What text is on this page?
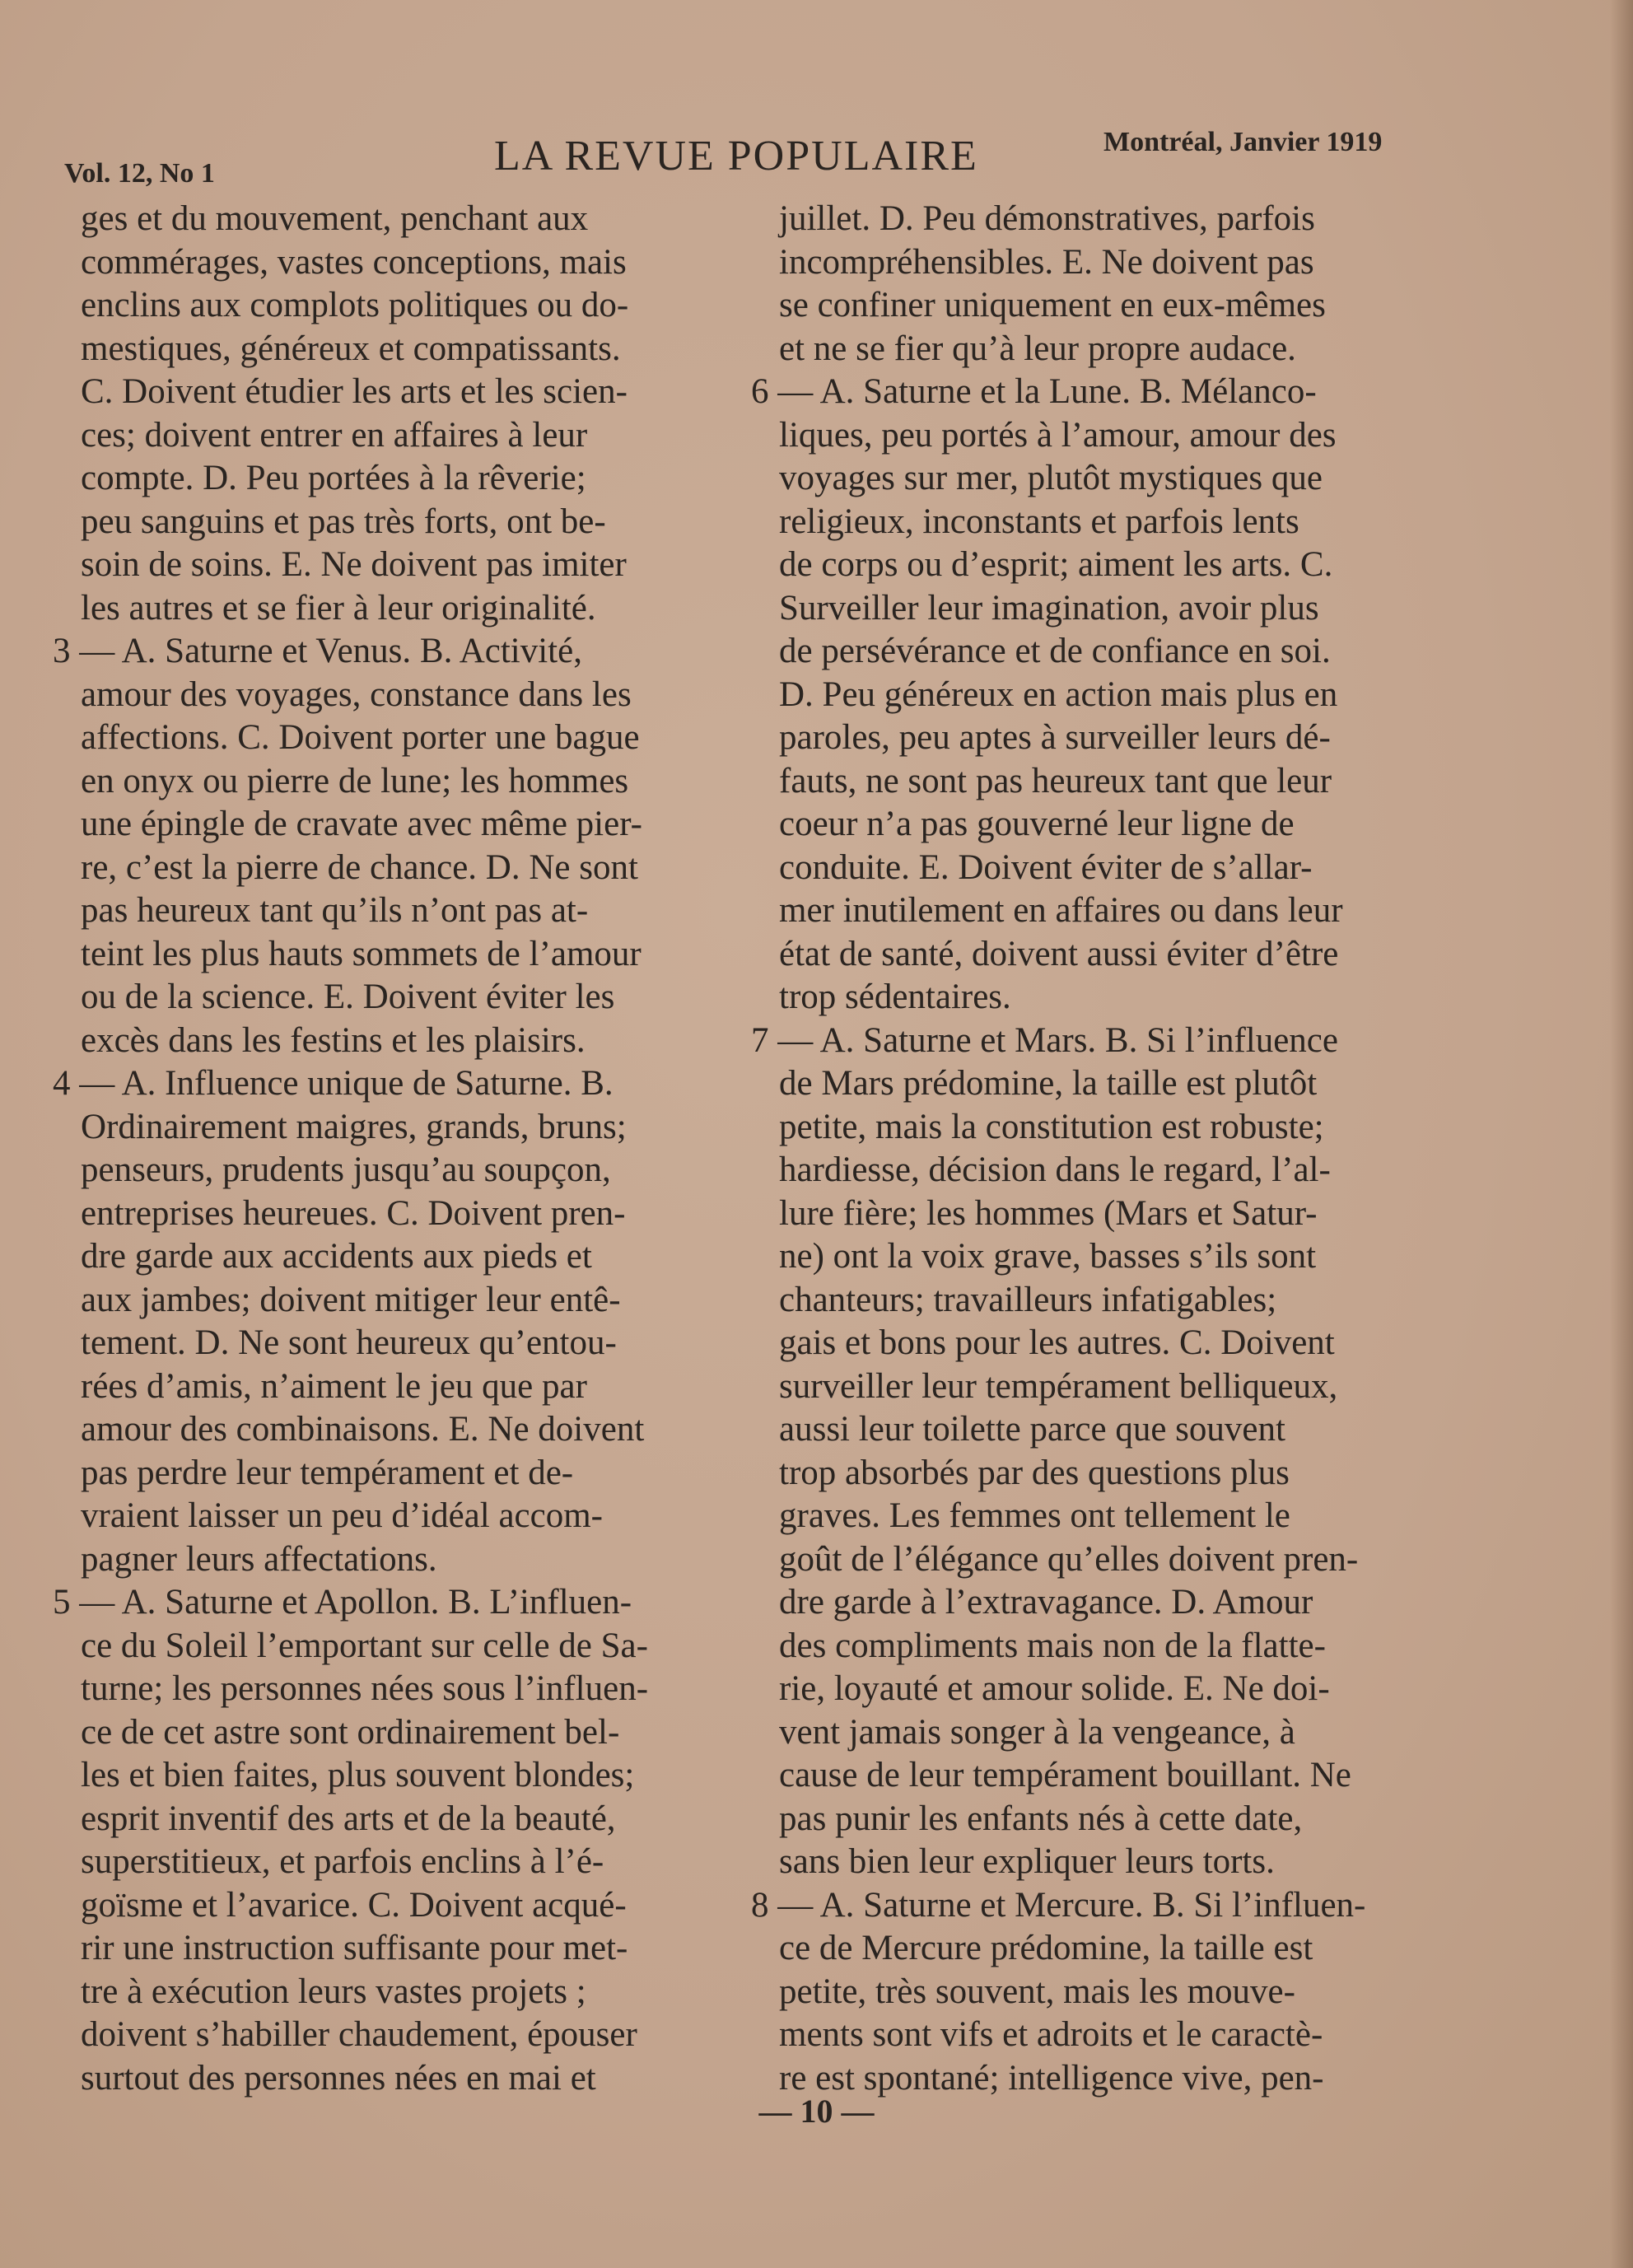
Vol. 12, No 1	LA REVUE POPULAIRE	Montréal, Janvier 1919
ges et du mouvement, penchant aux
commérages, vastes conceptions, mais
enclins aux complots politiques ou do-
mestiques, généreux et compatissants.
C. Doivent étudier les arts et les scien-
ces; doivent entrer en affaires à leur
compte. D. Peu portées à la rêverie;
peu sanguins et pas très forts, ont be-
soin de soins. E. Ne doivent pas imiter
les autres et se fier à leur originalité.
3 — A. Saturne et Venus. B. Activité,
amour des voyages, constance dans les
affections. C. Doivent porter une bague
en onyx ou pierre de lune; les hommes
une épingle de cravate avec même pier-
re, c’est la pierre de chance. D. Ne sont
pas heureux tant qu’ils n’ont pas at-
teint les plus hauts sommets de l’amour
ou de la science. E. Doivent éviter les
excès dans les festins et les plaisirs.
4 — A. Influence unique de Saturne. B.
Ordinairement maigres, grands, bruns;
penseurs, prudents jusqu’au soupçon,
entreprises heureues. C. Doivent pren-
dre garde aux accidents aux pieds et
aux jambes; doivent mitiger leur entê-
tement. D. Ne sont heureux qu’entou-
rées d’amis, n’aiment le jeu que par
amour des combinaisons. E. Ne doivent
pas perdre leur tempérament et de-
vraient laisser un peu d’idéal accom-
pagner leurs affectations.
5 — A. Saturne et Apollon. B. L’influen-
ce du Soleil l’emportant sur celle de Sa-
turne; les personnes nées sous l’influen-
ce de cet astre sont ordinairement bel-
les et bien faites, plus souvent blondes;
esprit inventif des arts et de la beauté,
superstitieux, et parfois enclins à l’é-
goïsme et l’avarice. C. Doivent acqué-
rir une instruction suffisante pour met-
tre à exécution leurs vastes projets ;
doivent s’habiller chaudement, épouser
surtout des personnes nées en mai et
juillet. D. Peu démonstratives, parfois
incompréhensibles. E. Ne doivent pas
se confiner uniquement en eux-mêmes
et ne se fier qu’à leur propre audace.
6 — A. Saturne et la Lune. B. Mélanco-
liques, peu portés à l’amour, amour des
voyages sur mer, plutôt mystiques que
religieux, inconstants et parfois lents
de corps ou d’esprit; aiment les arts. C.
Surveiller leur imagination, avoir plus
de persévérance et de confiance en soi.
D. Peu généreux en action mais plus en
paroles, peu aptes à surveiller leurs dé-
fauts, ne sont pas heureux tant que leur
coeur n’a pas gouverné leur ligne de
conduite. E. Doivent éviter de s’allar-
mer inutilement en affaires ou dans leur
état de santé, doivent aussi éviter d’être
trop sédentaires.
7 — A. Saturne et Mars. B. Si l’influence
de Mars prédomine, la taille est plutôt
petite, mais la constitution est robuste;
hardiesse, décision dans le regard, l’al-
lure fière; les hommes (Mars et Satur-
ne) ont la voix grave, basses s’ils sont
chanteurs; travailleurs infatigables;
gais et bons pour les autres. C. Doivent
surveiller leur tempérament belliqueux,
aussi leur toilette parce que souvent
trop absorbés par des questions plus
graves. Les femmes ont tellement le
goût de l’élégance qu’elles doivent pren-
dre garde à l’extravagance. D. Amour
des compliments mais non de la flatte-
rie, loyauté et amour solide. E. Ne doi-
vent jamais songer à la vengeance, à
cause de leur tempérament bouillant. Ne
pas punir les enfants nés à cette date,
sans bien leur expliquer leurs torts.
8 — A. Saturne et Mercure. B. Si l’influen-
ce de Mercure prédomine, la taille est
petite, très souvent, mais les mouve-
ments sont vifs et adroits et le caractè-
re est spontané; intelligence vive, pen-
— 10 —
